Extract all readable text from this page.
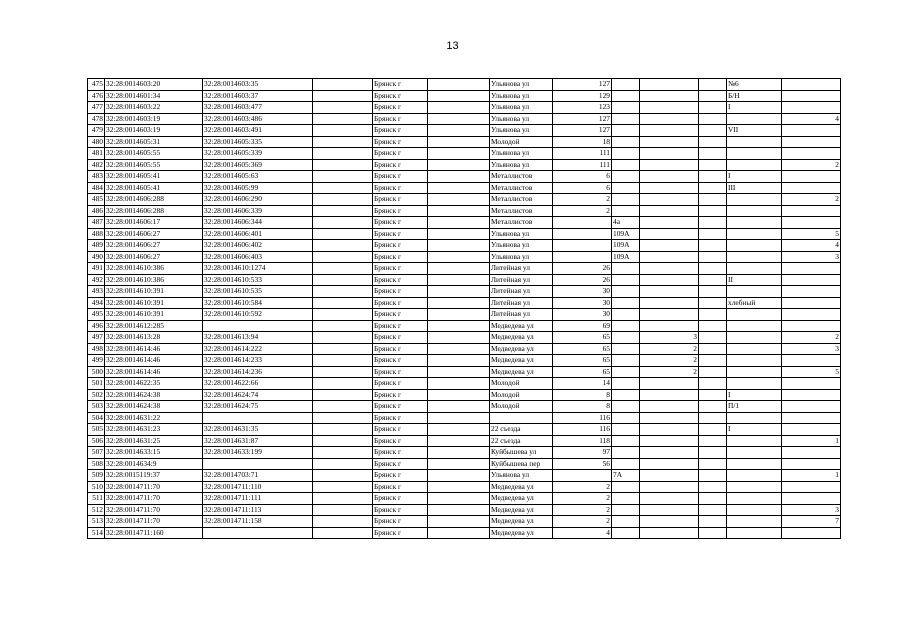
13
475	32:28:0014603:20	32:28:0014603:35		Брянск г		Ульянова ул	127				№6	
476	32:28:0014601:34	32:28:0014603:37		Брянск г		Ульянова ул	129				Б/Н	
477	32:28:0014603:22	32:28:0014603:477		Брянск г		Ульянова ул	123				I	
478	32:28:0014603:19	32:28:0014603:486		Брянск г		Ульянова ул	127					4
479	32:28:0014603:19	32:28:0014603:491		Брянск г		Ульянова ул	127				VII	
480	32:28:0014605:31	32:28:0014605:335		Брянск г		Молодой	18					
481	32:28:0014605:55	32:28:0014605:339		Брянск г		Ульянова ул	111					
482	32:28:0014605:55	32:28:0014605:369		Брянск г		Ульянова ул	111					2
483	32:28:0014605:41	32:28:0014605:63		Брянск г		Металлистов	6				I	
484	32:28:0014605:41	32:28:0014605:99		Брянск г		Металлистов	6				III	
485	32:28:0014606:288	32:28:0014606:290		Брянск г		Металлистов	2					2
486	32:28:0014606:288	32:28:0014606:339		Брянск г		Металлистов	2					
487	32:28:0014606:17	32:28:0014606:344		Брянск г		Металлистов		4а				
488	32:28:0014606:27	32:28:0014606:401		Брянск г		Ульянова ул		109А				5
489	32:28:0014606:27	32:28:0014606:402		Брянск г		Ульянова ул		109А				4
490	32:28:0014606:27	32:28:0014606:403		Брянск г		Ульянова ул		109А				3
491	32:28:0014610:386	32:28:0014610:1274		Брянск г		Литейная ул	26					
492	32:28:0014610:386	32:28:0014610:533		Брянск г		Литейная ул	26				II	
493	32:28:0014610:391	32:28:0014610:535		Брянск г		Литейная ул	30					
494	32:28:0014610:391	32:28:0014610:584		Брянск г		Литейная ул	30				хлебный	
495	32:28:0014610:391	32:28:0014610:592		Брянск г		Литейная ул	30					
496	32:28:0014612:285			Брянск г		Медведева ул	69					
497	32:28:0014613:28	32:28:0014613:94		Брянск г		Медведева ул	65		3			2
498	32:28:0014614:46	32:28:0014614:222		Брянск г		Медведева ул	65		2			3
499	32:28:0014614:46	32:28:0014614:233		Брянск г		Медведева ул	65		2			
500	32:28:0014614:46	32:28:0014614:236		Брянск г		Медведева ул	65		2			5
501	32:28:0014622:35	32:28:0014622:66		Брянск г		Молодой	14					
502	32:28:0014624:38	32:28:0014624:74		Брянск г		Молодой	8				I	
503	32:28:0014624:38	32:28:0014624:75		Брянск г		Молодой	8				П/1	
504	32:28:0014631:22			Брянск г			116					
505	32:28:0014631:23	32:28:0014631:35		Брянск г		22 съезда	116				I	
506	32:28:0014631:25	32:28:0014631:87		Брянск г		22 съезда	118					1
507	32:28:0014633:15	32:28:0014633:199		Брянск г		Куйбышева ул	97					
508	32:28:0014634:9			Брянск г		Куйбышева пер	56					
509	32:28:0015119:37	32:28:0014703:71		Брянск г		Ульянова ул		7А				1
510	32:28:0014711:70	32:28:0014711:110		Брянск г		Медведева ул	2					
511	32:28:0014711:70	32:28:0014711:111		Брянск г		Медведева ул	2					
512	32:28:0014711:70	32:28:0014711:113		Брянск г		Медведева ул	2					3
513	32:28:0014711:70	32:28:0014711:158		Брянск г		Медведева ул	2					7
514	32:28:0014711:160			Брянск г		Медведева ул	4					
